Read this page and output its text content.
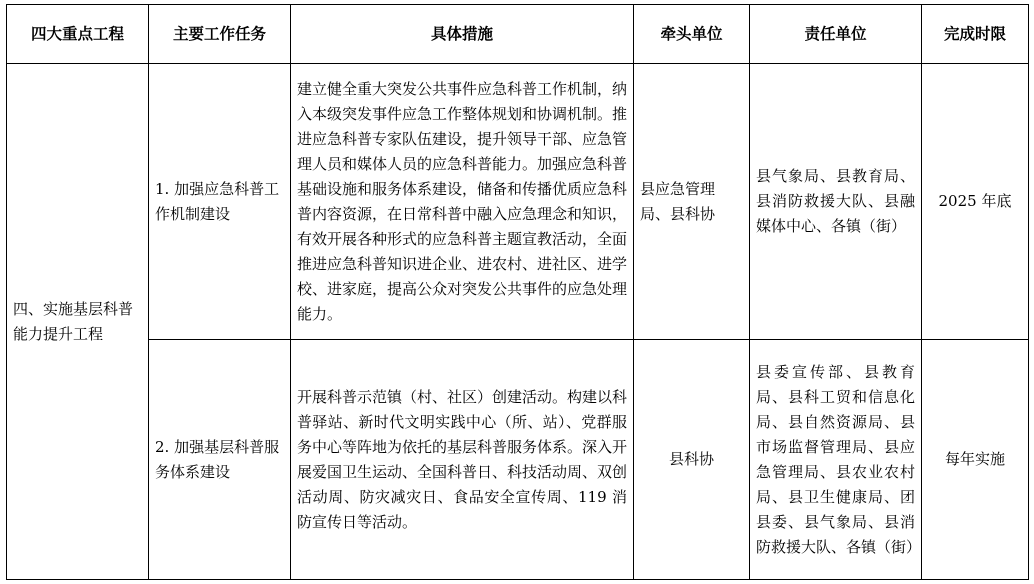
四大重点工程	主要工作任务	具体措施	牵头单位	责任单位	完成时限
四、实施基层科普能力提升工程	1. 加强应急科普工作机制建设	建立健全重大突发公共事件应急科普工作机制，纳入本级突发事件应急工作整体规划和协调机制。推进应急科普专家队伍建设，提升领导干部、应急管理人员和媒体人员的应急科普能力。加强应急科普基础设施和服务体系建设，储备和传播优质应急科普内容资源，在日常科普中融入应急理念和知识，有效开展各种形式的应急科普主题宣教活动，全面推进应急科普知识进企业、进农村、进社区、进学校、进家庭，提高公众对突发公共事件的应急处理能力。	县应急管理局、县科协	县气象局、县教育局、县消防救援大队、县融媒体中心、各镇（街）	2025 年底
	2. 加强基层科普服务体系建设	开展科普示范镇（村、社区）创建活动。构建以科普驿站、新时代文明实践中心（所、站）、党群服务中心等阵地为依托的基层科普服务体系。深入开展爱国卫生运动、全国科普日、科技活动周、双创活动周、防灾减灾日、食品安全宣传周、119 消防宣传日等活动。	县科协	县委宣传部、县教育局、县科工贸和信息化局、县自然资源局、县市场监督管理局、县应急管理局、县农业农村局、县卫生健康局、团县委、县气象局、县消防救援大队、各镇（街）	每年实施
